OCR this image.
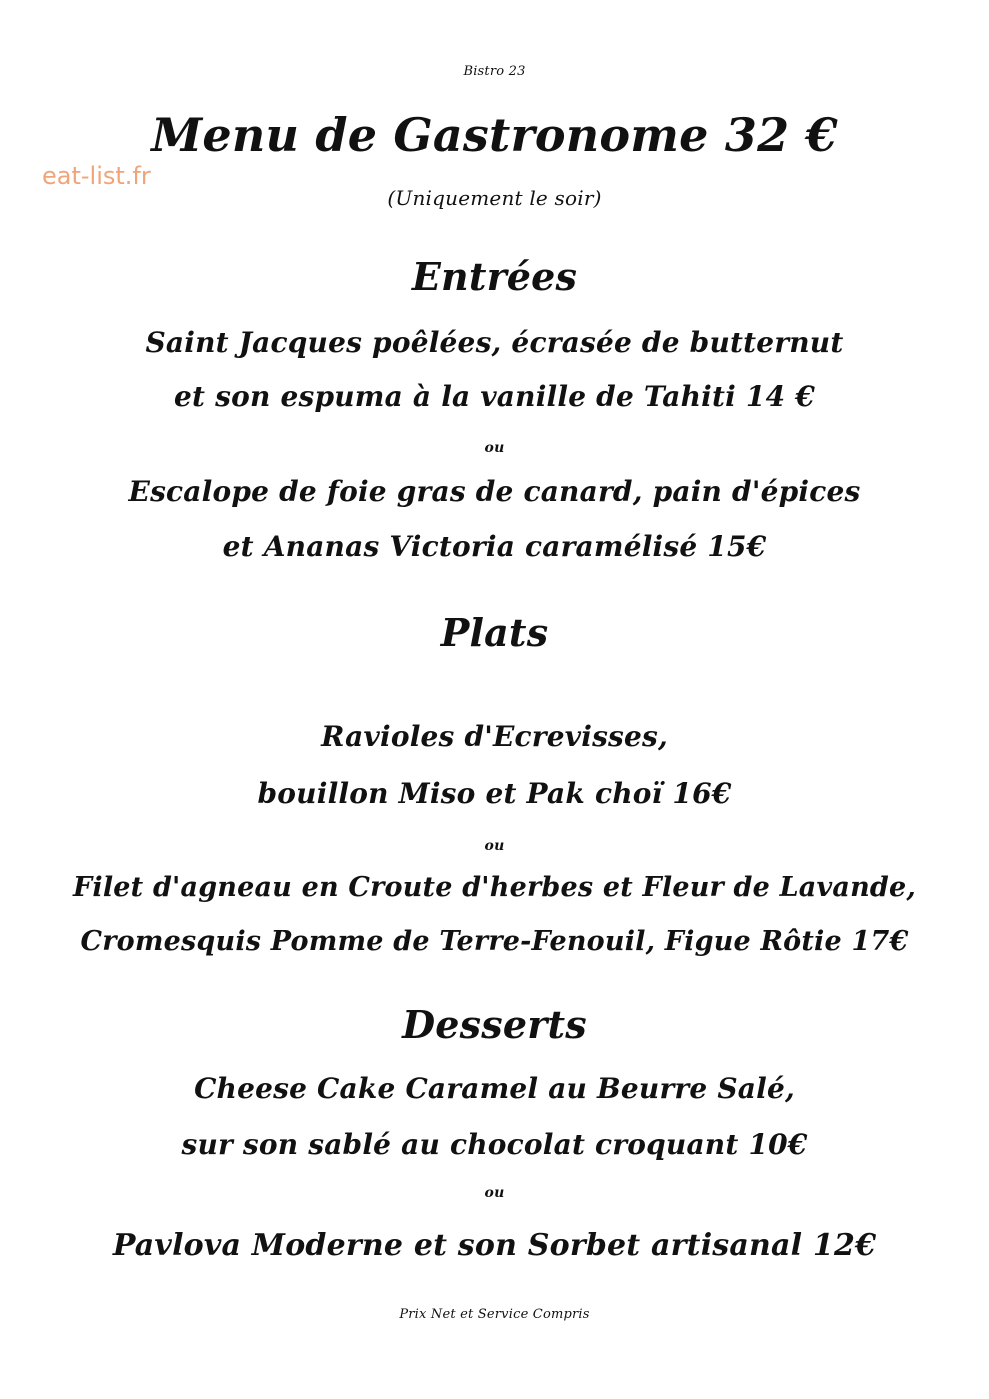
eat-list.fr
Bistro 23
Menu de Gastronome 32 €
(Uniquement le soir)
Entrées
Saint Jacques poêlées, écrasée de butternut
et son espuma à la vanille de Tahiti 14 €
ou
Escalope de foie gras de canard, pain d'épices
et Ananas Victoria caramélisé 15€
Plats
Ravioles d'Ecrevisses,
bouillon Miso et Pak choï 16€
ou
Filet d'agneau en Croute d'herbes et Fleur de Lavande,
Cromesquis Pomme de Terre-Fenouil, Figue Rôtie 17€
Desserts
Cheese Cake Caramel au Beurre Salé,
sur son sablé au chocolat croquant 10€
ou
Pavlova Moderne et son Sorbet artisanal 12€
Prix Net et Service Compris
